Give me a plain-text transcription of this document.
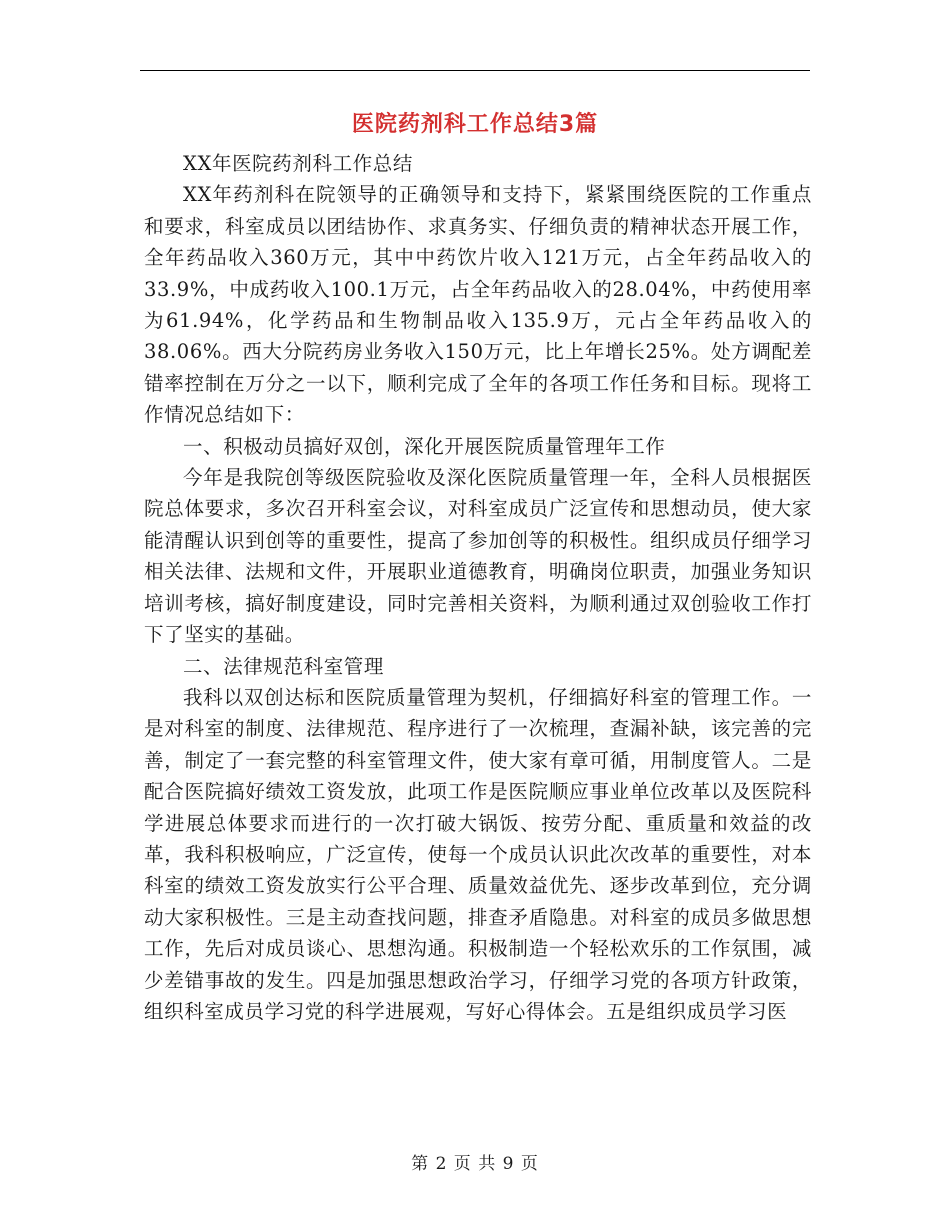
医院药剂科工作总结3篇

XX年医院药剂科工作总结

XX年药剂科在院领导的正确领导和支持下，紧紧围绕医院的工作重点和要求，科室成员以团结协作、求真务实、仔细负责的精神状态开展工作，全年药品收入360万元，其中中药饮片收入121万元，占全年药品收入的33.9%，中成药收入100.1万元，占全年药品收入的28.04%，中药使用率为61.94%，化学药品和生物制品收入135.9万，元占全年药品收入的38.06%。西大分院药房业务收入150万元，比上年增长25%。处方调配差错率控制在万分之一以下，顺利完成了全年的各项工作任务和目标。现将工作情况总结如下：

一、积极动员搞好双创，深化开展医院质量管理年工作

今年是我院创等级医院验收及深化医院质量管理一年，全科人员根据医院总体要求，多次召开科室会议，对科室成员广泛宣传和思想动员，使大家能清醒认识到创等的重要性，提高了参加创等的积极性。组织成员仔细学习相关法律、法规和文件，开展职业道德教育，明确岗位职责，加强业务知识培训考核，搞好制度建设，同时完善相关资料，为顺利通过双创验收工作打下了坚实的基础。

二、法律规范科室管理

我科以双创达标和医院质量管理为契机，仔细搞好科室的管理工作。一是对科室的制度、法律规范、程序进行了一次梳理，查漏补缺，该完善的完善，制定了一套完整的科室管理文件，使大家有章可循，用制度管人。二是配合医院搞好绩效工资发放，此项工作是医院顺应事业单位改革以及医院科学进展总体要求而进行的一次打破大锅饭、按劳分配、重质量和效益的改革，我科积极响应，广泛宣传，使每一个成员认识此次改革的重要性，对本科室的绩效工资发放实行公平合理、质量效益优先、逐步改革到位，充分调动大家积极性。三是主动查找问题，排查矛盾隐患。对科室的成员多做思想工作，先后对成员谈心、思想沟通。积极制造一个轻松欢乐的工作氛围，减少差错事故的发生。四是加强思想政治学习，仔细学习党的各项方针政策，组织科室成员学习党的科学进展观，写好心得体会。五是组织成员学习医

第 2 页 共 9 页
